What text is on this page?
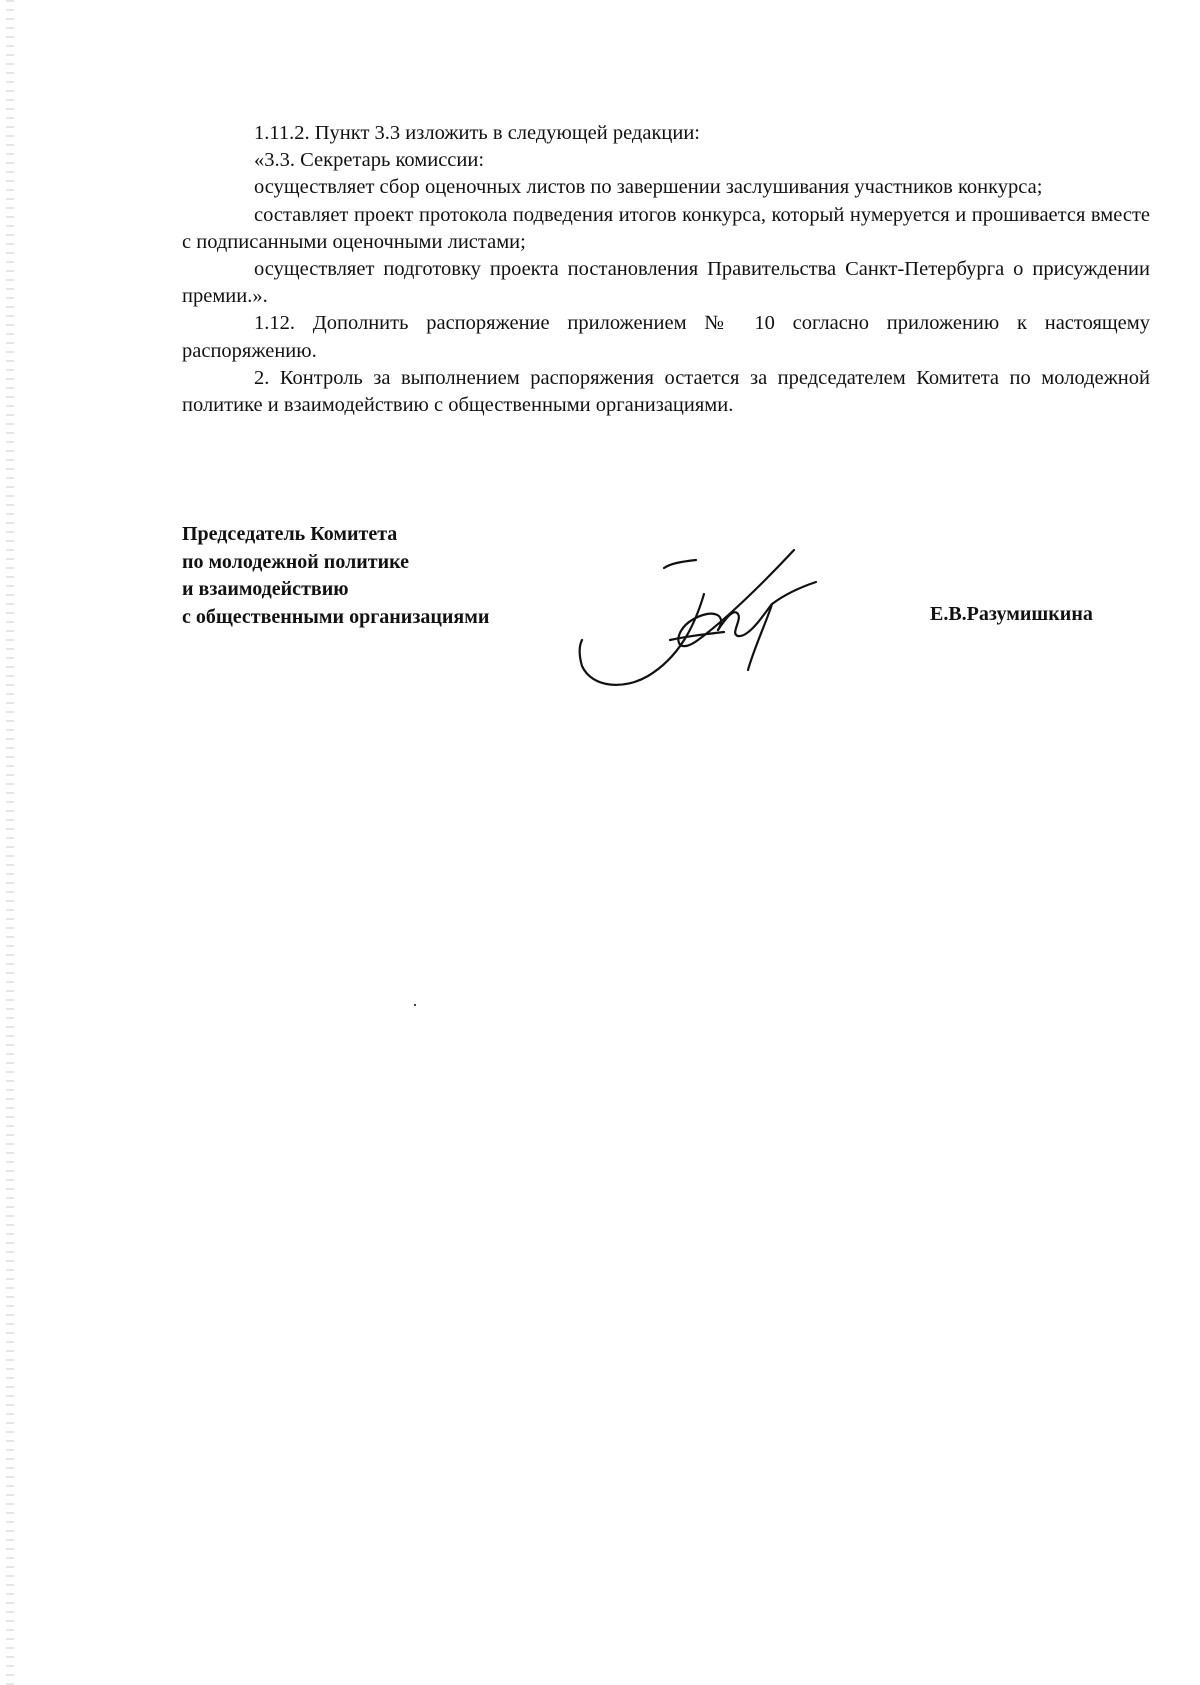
1.11.2. Пункт 3.3 изложить в следующей редакции:

«3.3. Секретарь комиссии:

осуществляет сбор оценочных листов по завершении заслушивания участников конкурса;

составляет проект протокола подведения итогов конкурса, который нумеруется и прошивается вместе с подписанными оценочными листами;

осуществляет подготовку проекта постановления Правительства Санкт-Петербурга о присуждении премии.».

1.12. Дополнить распоряжение приложением № 10 согласно приложению к настоящему распоряжению.

2. Контроль за выполнением распоряжения остается за председателем Комитета по молодежной политике и взаимодействию с общественными организациями.

Председатель Комитета
по молодежной политике
и взаимодействию
с общественными организациями	Е.В.Разумишкина
